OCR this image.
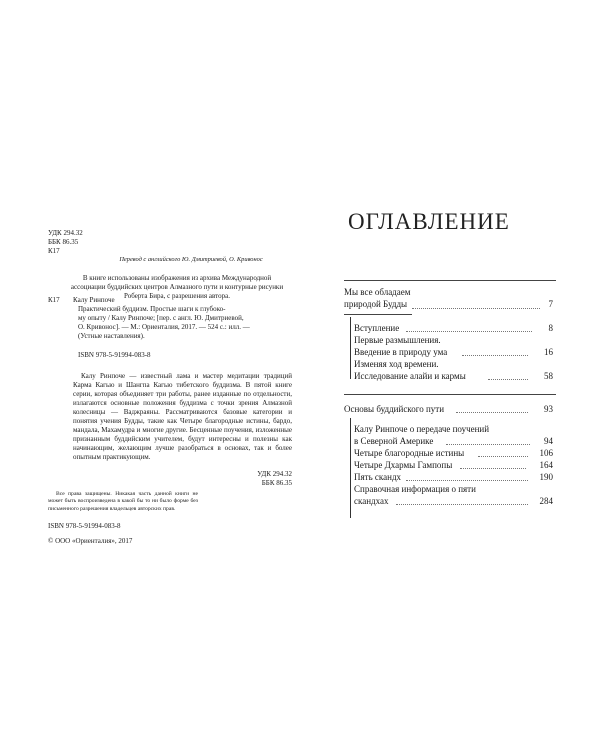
УДК 294.32
ББК 86.35
К17
Перевод с английского Ю. Дмитриевой, О. Кривонос
В книге использованы изображения из архива Международной ассоциации буддийских центров Алмазного пути и контурные рисунки Роберта Бира, с разрешения автора.
К17 Калу Ринпоче
Практический буддизм. Простые шаги к глубоко-
му опыту / Калу Ринпоче; [пер. с англ. Ю. Дмитриевой,
О. Кривонос]. — М.: Ориенталия, 2017. — 524 с.: илл. —
(Устные наставления).
ISBN 978-5-91994-083-8

Калу Ринпоче — известный лама и мастер медитации традиций Карма Кагью и Шангпа Кагью тибетского буддизма. В пятой книге серии, которая объединяет три работы, ранее изданные по отдельности, излагаются основные положения буддизма с точки зрения Алмазной колесницы — Ваджраяны. Рассматриваются базовые категории и понятия учения Будды, такие как Четыре благородные истины, бардо, мандала, Махамудра и многие другие. Бесценные поучения, изложенные признанным буддийским учителем, будут интересны и полезны как начинающим, желающим лучше разобраться в основах, так и более опытным практикующим.

УДК 294.32
ББК 86.35

Все права защищены. Никакая часть данной книги не может быть воспроизведена в какой бы то ни было форме без письменного разрешения владельцев авторских прав.

ISBN 978-5-91994-083-8
© ООО «Ориенталия», 2017
ОГЛАВЛЕНИЕ
Мы все обладаем
природой Будды	7
Вступление	8
Первые размышления.
Введение в природу ума	16
Изменяя ход времени.
Исследование алайи и кармы	58
Основы буддийского пути	93
Калу Ринпоче о передаче поучений
в Северной Америке	94
Четыре благородные истины	106
Четыре Дхармы Гампопы	164
Пять скандх	190
Справочная информация о пяти
скандхах	284
